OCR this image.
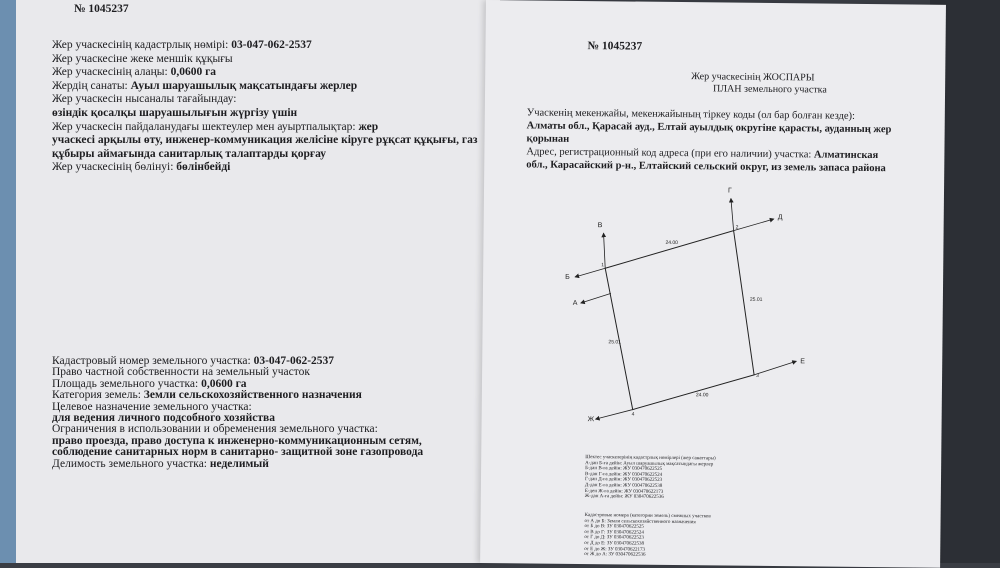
№ 1045237
Жер учаскесiнiң кадастрлық нөмiрi: 03-047-062-2537
Жер учаскесiне жеке меншiк құқығы
Жер учаскесiнiң алаңы: 0,0600 га
Жердiң санаты: Ауыл шаруашылық мақсатындағы жерлер
Жер учаскесiн нысаналы тағайындау:
өзiндiк қосалқы шаруашылығын жүргiзу үшiн
Жер учаскесiн пайдаланудағы шектеулер мен ауыртпалықтар: жер
учаскесi арқылы өту, инженер-коммуникация желiсiне кiруге рұқсат құқығы, газ
құбыры аймағында санитарлық талаптарды қорғау
Жер учаскесiнiң бөлiнуi: бөлiнбейдi
Кадастровый номер земельного участка: 03-047-062-2537
Право частной собственности на земельный участок
Площадь земельного участка: 0,0600 га
Категория земель: Земли сельскохозяйственного назначения
Целевое назначение земельного участка:
для ведения личного подсобного хозяйства
Ограничения в использовании и обременения земельного участка:
право проезда, право доступа к инженерно-коммуникационным сетям,
соблюдение санитарных норм в санитарно- защитной зоне газопровода
Делимость земельного участка: неделимый
№ 1045237
Жер учаскесiнiң ЖОСПАРЫ
ПЛАН земельного участка
Учаскенiң мекенжайы, мекенжайының тiркеу коды (ол бар болған кезде):
Алматы обл., Қарасай ауд., Елтай ауылдық округiне қарасты, ауданның жер
қорынан
Адрес, регистрационный код адреса (при его наличии) участка: Алматинская
обл., Карасайский р-н., Елтайский сельский округ, из земель запаса района
24.00
25.01
25.01
24.00
1
2
3
4
А
Б
В
Г
Д
Е
Ж
Шектес учаскелерiнiң кадастрлық нөмiрлерi (жер санаттары)
А-дан Б-ға дейiн: Ауыл шаруашылық мақсатындағы жерлер
Б-дан В-ға дейiн: ЖУ 030470622525
В-дан Г-ға дейiн: ЖУ 030470622524
Г-дан Д-ға дейiн: ЖУ 030470622523
Д-дан Е-ға дейiн: ЖУ 030470622538
Е-ден Ж-ға дейiн: ЖУ 030470622173
Ж-дан А-ға дейiн: ЖУ 030470622536
Кадастровые номера (категории земель) смежных участков
от А до Б: Земли сельскохозяйственного назначения
от Б до В: ЗУ 030470622525
от В до Г: ЗУ 030470622524
от Г до Д: ЗУ 030470622523
от Д до Е: ЗУ 030470622538
от Е до Ж: ЗУ 030470622173
от Ж до А: ЗУ 030470622536
